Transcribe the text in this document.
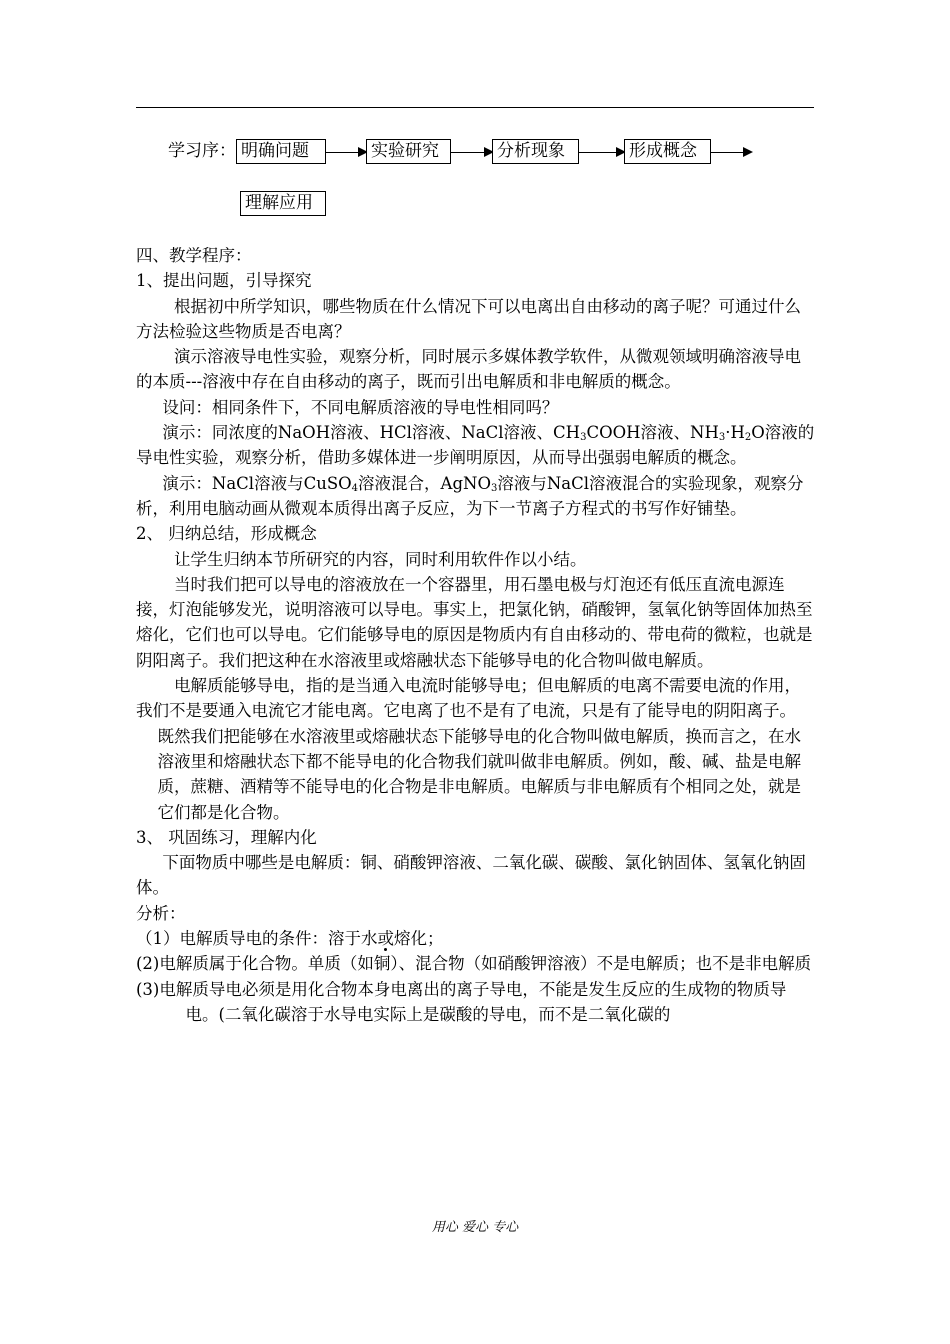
学习序： 明确问题	实验研究	分析现象	形成概念
理解应用

四、教学程序：

1、提出问题，引导探究

根据初中所学知识，哪些物质在什么情况下可以电离出自由移动的离子呢？可通过什么方法检验这些物质是否电离？

演示溶液导电性实验，观察分析，同时展示多媒体教学软件，从微观领域明确溶液导电的本质---溶液中存在自由移动的离子，既而引出电解质和非电解质的概念。

设问：相同条件下，不同电解质溶液的导电性相同吗？

演示：同浓度的NaOH溶液、HCl溶液、NaCl溶液、$CH_3COOH$溶液、$NH_3\cdot H_2O$溶液的导电性实验，观察分析，借助多媒体进一步阐明原因，从而导出强弱电解质的概念。

演示：NaCl溶液与CuSO$_4$溶液混合，AgNO$_3$溶液与NaCl溶液混合的实验现象，观察分析，利用电脑动画从微观本质得出离子反应，为下一节离子方程式的书写作好铺垫。

2、 归纳总结，形成概念

让学生归纳本节所研究的内容，同时利用软件作以小结。

当时我们把可以导电的溶液放在一个容器里，用石墨电极与灯泡还有低压直流电源连接，灯泡能够发光，说明溶液可以导电。事实上，把氯化钠，硝酸钾，氢氧化钠等固体加热至熔化，它们也可以导电。它们能够导电的原因是物质内有自由移动的、带电荷的微粒，也就是阴阳离子。我们把这种在水溶液里或熔融状态下能够导电的化合物叫做电解质。

电解质能够导电，指的是当通入电流时能够导电；但电解质的电离不需要电流的作用，我们不是要通入电流它才能电离。它电离了也不是有了电流，只是有了能导电的阴阳离子。

既然我们把能够在水溶液里或熔融状态下能够导电的化合物叫做电解质，换而言之，在水溶液里和熔融状态下都不能导电的化合物我们就叫做非电解质。例如，酸、碱、盐是电解质，蔗糖、酒精等不能导电的化合物是非电解质。电解质与非电解质有个相同之处，就是它们都是化合物。

3、 巩固练习，理解内化

下面物质中哪些是电解质：铜、硝酸钾溶液、二氧化碳、碳酸、氯化钠固体、氢氧化钠固体。

分析：

（1）电解质导电的条件：溶于水或熔化；

(2)电解质属于化合物。单质（如铜）、混合物（如硝酸钾溶液）不是电解质；也不是非电解质

(3)电解质导电必须是用化合物本身电离出的离子导电，不能是发生反应的生成物的物质导电。(二氧化碳溶于水导电实际上是碳酸的导电，而不是二氧化碳的

用心 爱心 专心
